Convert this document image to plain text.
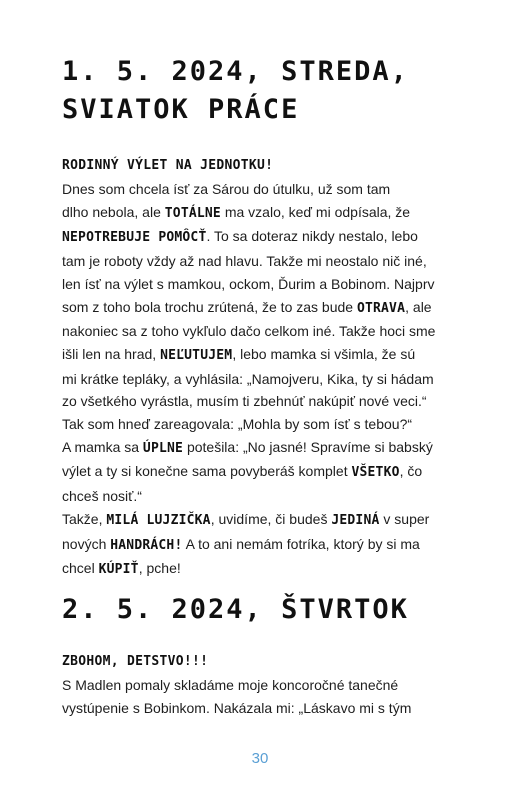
1. 5. 2024, STREDA,
SVIATOK PRÁCE
RODINNÝ VÝLET NA JEDNOTKU!
Dnes som chcela ísť za Sárou do útulku, už som tam
dlho nebola, ale TOTÁLNE ma vzalo, keď mi odpísala, že
NEPOTREBUJE POMÔCŤ. To sa doteraz nikdy nestalo, lebo
tam je roboty vždy až nad hlavu. Takže mi neostalo nič iné,
len ísť na výlet s mamkou, ockom, Ďurim a Bobinom. Najprv
som z toho bola trochu zrútená, že to zas bude OTRAVA, ale
nakoniec sa z toho vykľulo dačo celkom iné. Takže hoci sme
išli len na hrad, NEĽUTUJEM, lebo mamka si všimla, že sú
mi krátke tepláky, a vyhlásila: „Namojveru, Kika, ty si hádam
zo všetkého vyrástla, musím ti zbehnúť nakúpiť nové veci.“
Tak som hneď zareagovala: „Mohla by som ísť s tebou?“
A mamka sa ÚPLNE potešila: „No jasné! Spravíme si babský
výlet a ty si konečne sama povyberáš komplet VŠETKO, čo
chceš nosiť.“
Takže, MILÁ LUJZIČKA, uvidíme, či budeš JEDINÁ v super
nových HANDRÁCH! A to ani nemám fotríka, ktorý by si ma
chcel KÚPIŤ, pche!
2. 5. 2024, ŠTVRTOK
ZBOHOM, DETSTVO!!!
S Madlen pomaly skladáme moje koncoročné tanečné
vystúpenie s Bobinkom. Nakázala mi: „Láskavo mi s tým
30
